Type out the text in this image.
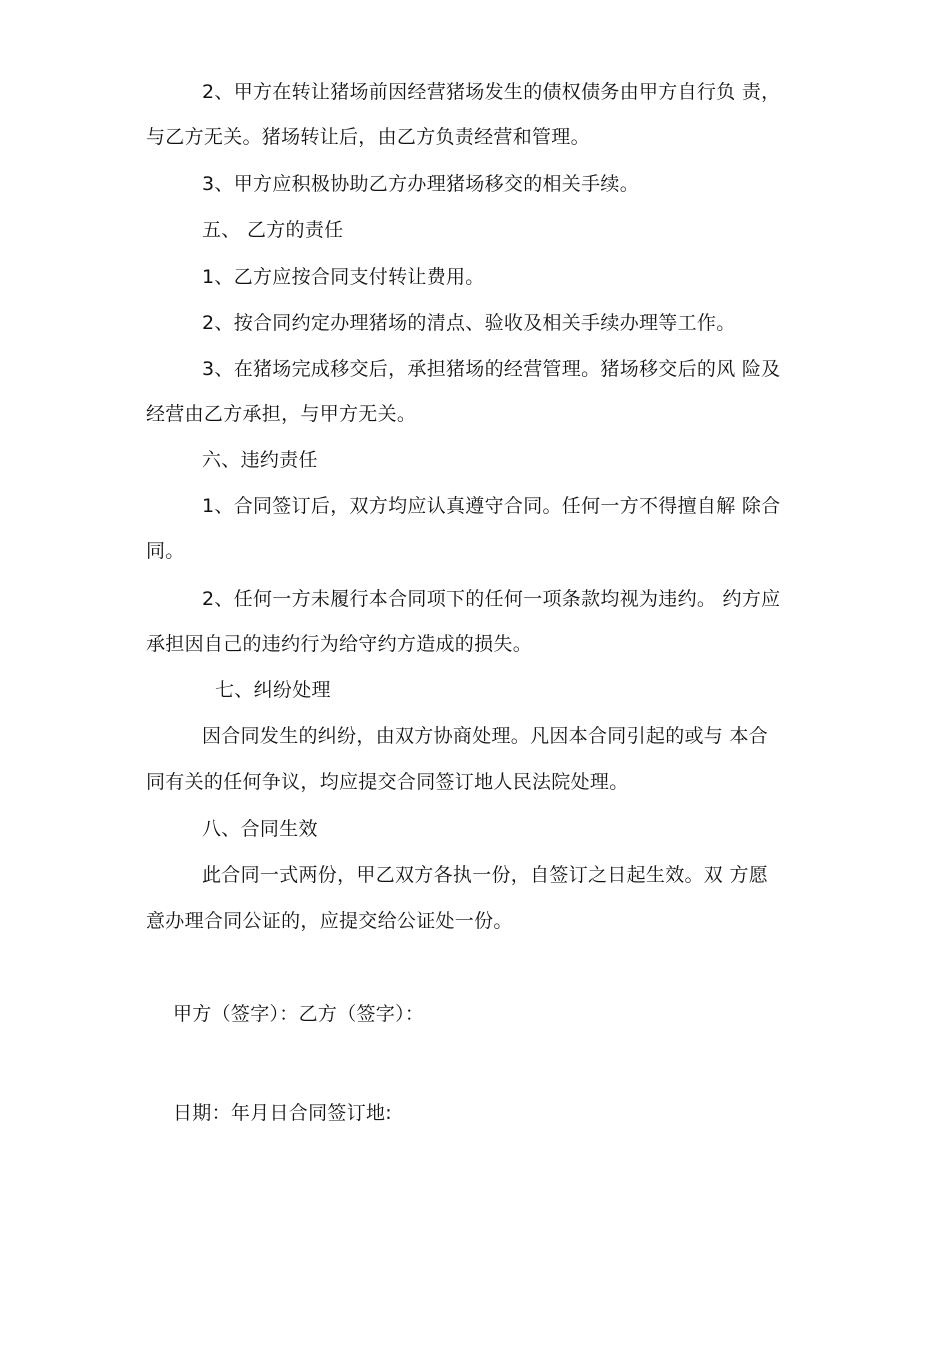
2、甲方在转让猪场前因经营猪场发生的债权债务由甲方自行负 责，
与乙方无关。猪场转让后，由乙方负责经营和管理。
3、甲方应积极协助乙方办理猪场移交的相关手续。
五、 乙方的责任
1、乙方应按合同支付转让费用。
2、按合同约定办理猪场的清点、验收及相关手续办理等工作。
3、在猪场完成移交后，承担猪场的经营管理。猪场移交后的风 险及
经营由乙方承担，与甲方无关。
六、违约责任
1、合同签订后，双方均应认真遵守合同。任何一方不得擅自解 除合
同。
2、任何一方未履行本合同项下的任何一项条款均视为违约。 约方应
承担因自己的违约行为给守约方造成的损失。
七、纠纷处理
因合同发生的纠纷，由双方协商处理。凡因本合同引起的或与 本合
同有关的任何争议，均应提交合同签订地人民法院处理。
八、合同生效
此合同一式两份，甲乙双方各执一份，自签订之日起生效。双 方愿
意办理合同公证的，应提交给公证处一份。
甲方（签字）：乙方（签字）：
日期：年月日合同签订地:
